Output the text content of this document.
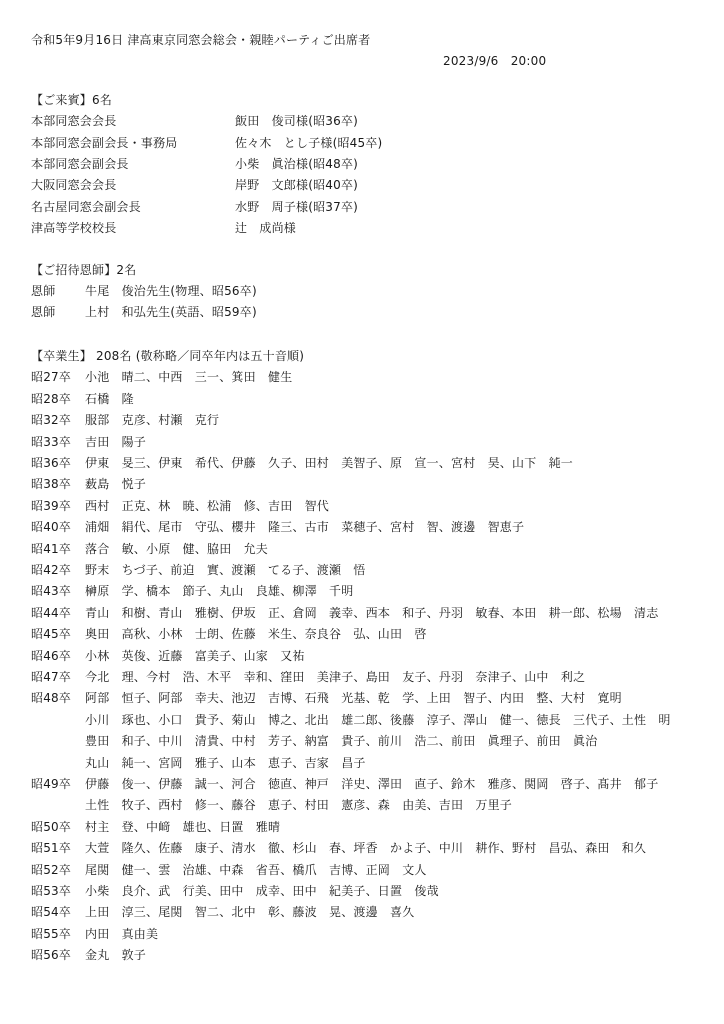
令和5年9月16日 津高東京同窓会総会・親睦パーティご出席者
2023/9/6　20:00
【ご来賓】6名
本部同窓会会長	飯田　俊司様(昭36卒)
本部同窓会副会長・事務局	佐々木　とし子様(昭45卒)
本部同窓会副会長	小柴　眞治様(昭48卒)
大阪同窓会会長	岸野　文郎様(昭40卒)
名古屋同窓会副会長	水野　周子様(昭37卒)
津高等学校校長	辻　成尚様
【ご招待恩師】2名
恩師	牛尾　俊治先生(物理、昭56卒)
恩師	上村　和弘先生(英語、昭59卒)
【卒業生】 208名 (敬称略／同卒年内は五十音順)
昭27卒	小池　晴二、中西　三一、箕田　健生
昭28卒	石橋　隆
昭32卒	服部　克彦、村瀬　克行
昭33卒	吉田　陽子
昭36卒	伊東　旻三、伊東　希代、伊藤　久子、田村　美智子、原　宣一、宮村　昊、山下　純一
昭38卒	薮島　悦子
昭39卒	西村　正克、林　暁、松浦　修、吉田　智代
昭40卒	浦畑　絹代、尾市　守弘、櫻井　隆三、古市　菜穂子、宮村　智、渡邊　智恵子
昭41卒	落合　敏、小原　健、脇田　允夫
昭42卒	野末　ちづ子、前迫　實、渡瀬　てる子、渡瀬　悟
昭43卒	榊原　学、橋本　節子、丸山　良雄、柳澤　千明
昭44卒	青山　和樹、青山　雅樹、伊坂　正、倉岡　義幸、西本　和子、丹羽　敏春、本田　耕一郎、松場　清志
昭45卒	奥田　高秋、小林　士朗、佐藤　米生、奈良谷　弘、山田　啓
昭46卒	小林　英俊、近藤　富美子、山家　又祐
昭47卒	今北　理、今村　浩、木平　幸和、窪田　美津子、島田　友子、丹羽　奈津子、山中　利之
昭48卒	阿部　恒子、阿部　幸夫、池辺　吉博、石飛　光基、乾　学、上田　智子、内田　整、大村　寛明
小川　琢也、小口　貴予、菊山　博之、北出　雄二郎、後藤　淳子、澤山　健一、徳長　三代子、土性　明
豊田　和子、中川　清貴、中村　芳子、納富　貴子、前川　浩二、前田　眞理子、前田　眞治
丸山　純一、宮岡　雅子、山本　恵子、吉家　昌子
昭49卒	伊藤　俊一、伊藤　誠一、河合　徳直、神戸　洋史、澤田　直子、鈴木　雅彦、関岡　啓子、髙井　郁子
土性　牧子、西村　修一、藤谷　恵子、村田　憲彦、森　由美、吉田　万里子
昭50卒	村主　登、中﨑　雄也、日置　雅晴
昭51卒	大萱　隆久、佐藤　康子、清水　徹、杉山　春、坪香　かよ子、中川　耕作、野村　昌弘、森田　和久
昭52卒	尾関　健一、雲　治雄、中森　省吾、橋爪　吉博、正岡　文人
昭53卒	小柴　良介、武　行美、田中　成幸、田中　紀美子、日置　俊哉
昭54卒	上田　淳三、尾関　智二、北中　彰、藤波　晃、渡邊　喜久
昭55卒	内田　真由美
昭56卒	金丸　敦子
